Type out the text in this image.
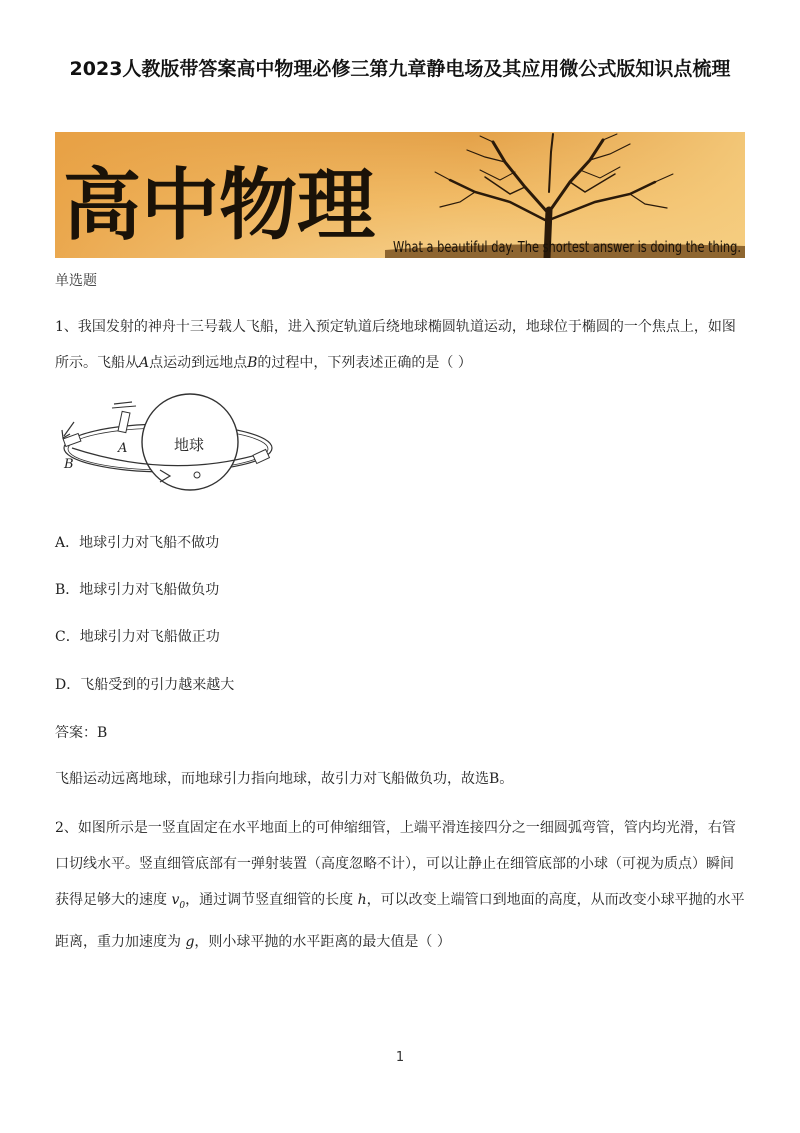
2023人教版带答案高中物理必修三第九章静电场及其应用微公式版知识点梳理
高中物理 What a beautiful day. The shortest answer is doing the thing.
单选题
1、我国发射的神舟十三号载人飞船，进入预定轨道后绕地球椭圆轨道运动，地球位于椭圆的一个焦点上，如图所示。飞船从A点运动到远地点B的过程中，下列表述正确的是（ ）
地球
A
B
A．地球引力对飞船不做功
B．地球引力对飞船做负功
C．地球引力对飞船做正功
D．飞船受到的引力越来越大
答案：B
飞船运动远离地球，而地球引力指向地球，故引力对飞船做负功，故选B。
2、如图所示是一竖直固定在水平地面上的可伸缩细管，上端平滑连接四分之一细圆弧弯管，管内均光滑，右管口切线水平。竖直细管底部有一弹射装置（高度忽略不计），可以让静止在细管底部的小球（可视为质点）瞬间获得足够大的速度 $v_0$，通过调节竖直细管的长度 h，可以改变上端管口到地面的高度，从而改变小球平抛的水平距离，重力加速度为 g，则小球平抛的水平距离的最大值是（ ）
1
